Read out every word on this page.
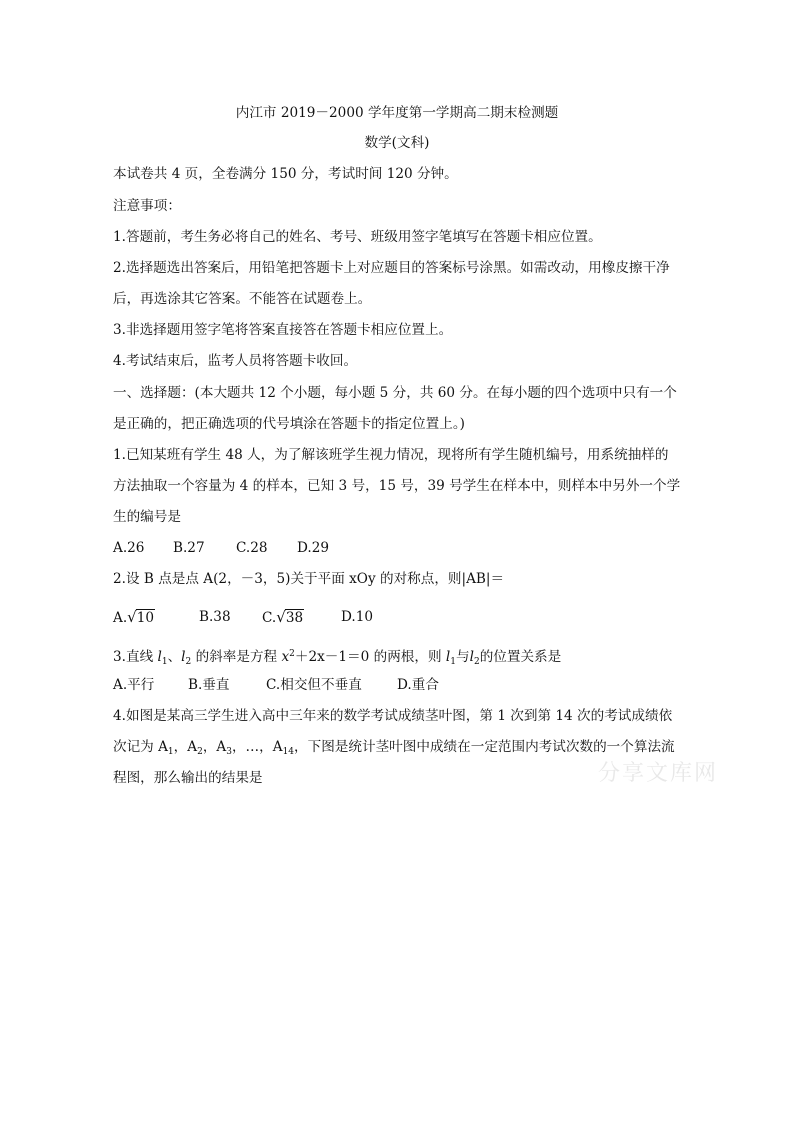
内江市 2019－2000 学年度第一学期高二期末检测题
数学(文科)
本试卷共 4 页，全卷满分 150 分，考试时间 120 分钟。
注意事项：
1.答题前，考生务必将自己的姓名、考号、班级用签字笔填写在答题卡相应位置。
2.选择题选出答案后，用铅笔把答题卡上对应题目的答案标号涂黑。如需改动，用橡皮擦干净
后，再选涂其它答案。不能答在试题卷上。
3.非选择题用签字笔将答案直接答在答题卡相应位置上。
4.考试结束后，监考人员将答题卡收回。
一、选择题：(本大题共 12 个小题，每小题 5 分，共 60 分。在每小题的四个选项中只有一个
是正确的，把正确选项的代号填涂在答题卡的指定位置上。)
1.已知某班有学生 48 人，为了解该班学生视力情况，现将所有学生随机编号，用系统抽样的
方法抽取一个容量为 4 的样本，已知 3 号，15 号，39 号学生在样本中，则样本中另外一个学
生的编号是
A.26	B.27	C.28	D.29
2.设 B 点是点 A(2，－3，5)关于平面 xOy 的对称点，则|AB|＝
A.√10	B.38	C.√38	D.10
3.直线 $l_1$、$l_2$ 的斜率是方程 $x^2+2x-1=0$ 的两根，则 $l_1$与$l_2$的位置关系是
A.平行	B.垂直	C.相交但不垂直	D.重合
4.如图是某高三学生进入高中三年来的数学考试成绩茎叶图，第 1 次到第 14 次的考试成绩依
次记为 $A_1$，$A_2$，$A_3$，…，$A_{14}$，下图是统计茎叶图中成绩在一定范围内考试次数的一个算法流
程图，那么输出的结果是	分享文库网
